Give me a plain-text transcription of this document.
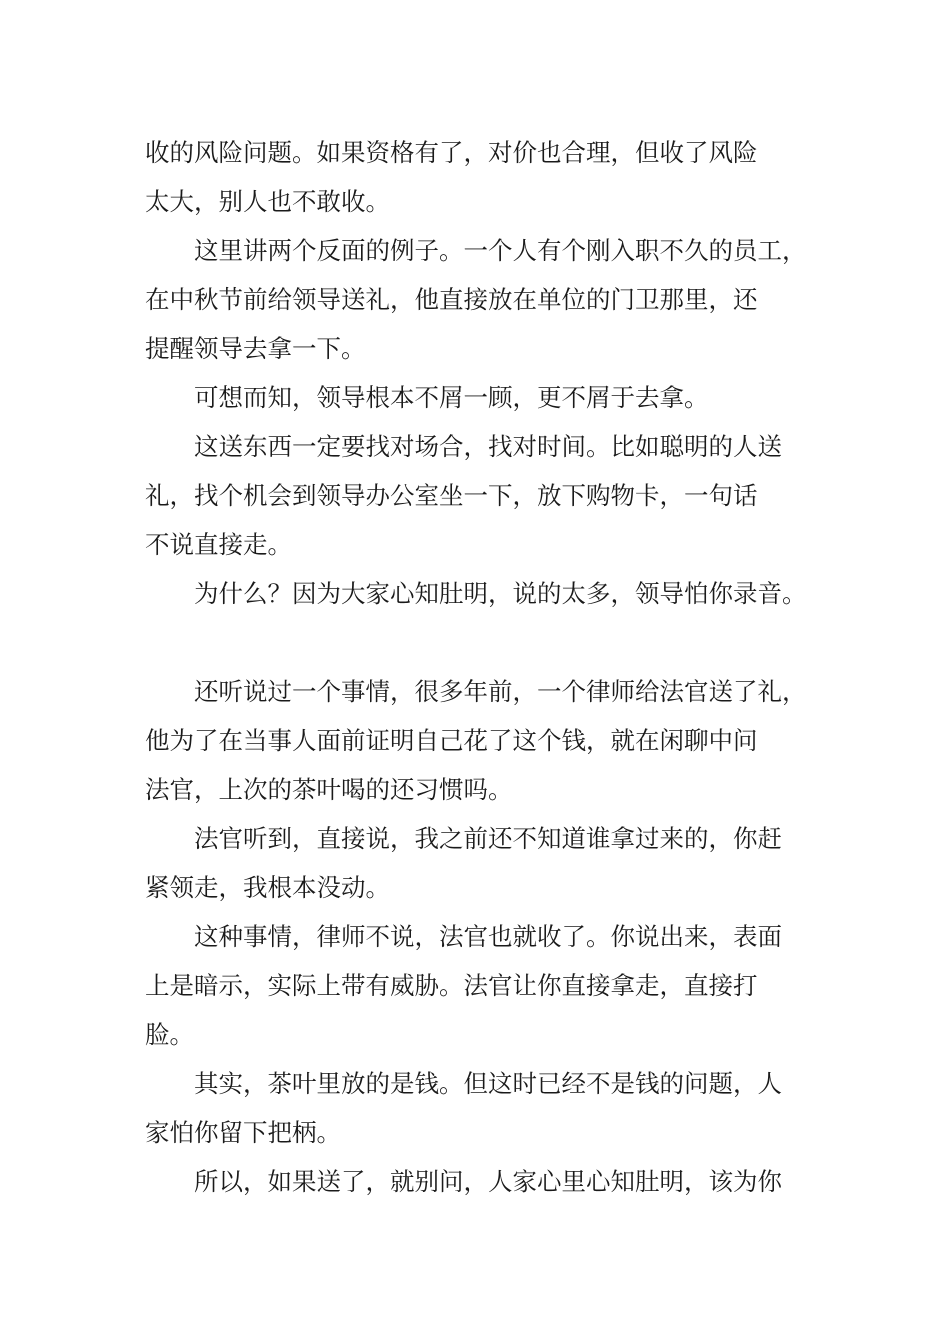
收的风险问题。如果资格有了，对价也合理，但收了风险
太大，别人也不敢收。
这里讲两个反面的例子。一个人有个刚入职不久的员工，
在中秋节前给领导送礼，他直接放在单位的门卫那里，还
提醒领导去拿一下。
可想而知，领导根本不屑一顾，更不屑于去拿。
这送东西一定要找对场合，找对时间。比如聪明的人送
礼，找个机会到领导办公室坐一下，放下购物卡，一句话
不说直接走。
为什么？因为大家心知肚明，说的太多，领导怕你录音。
还听说过一个事情，很多年前，一个律师给法官送了礼，
他为了在当事人面前证明自己花了这个钱，就在闲聊中问
法官，上次的茶叶喝的还习惯吗。
法官听到，直接说，我之前还不知道谁拿过来的，你赶
紧领走，我根本没动。
这种事情，律师不说，法官也就收了。你说出来，表面
上是暗示，实际上带有威胁。法官让你直接拿走，直接打
脸。
其实，茶叶里放的是钱。但这时已经不是钱的问题，人
家怕你留下把柄。
所以，如果送了，就别问，人家心里心知肚明，该为你
